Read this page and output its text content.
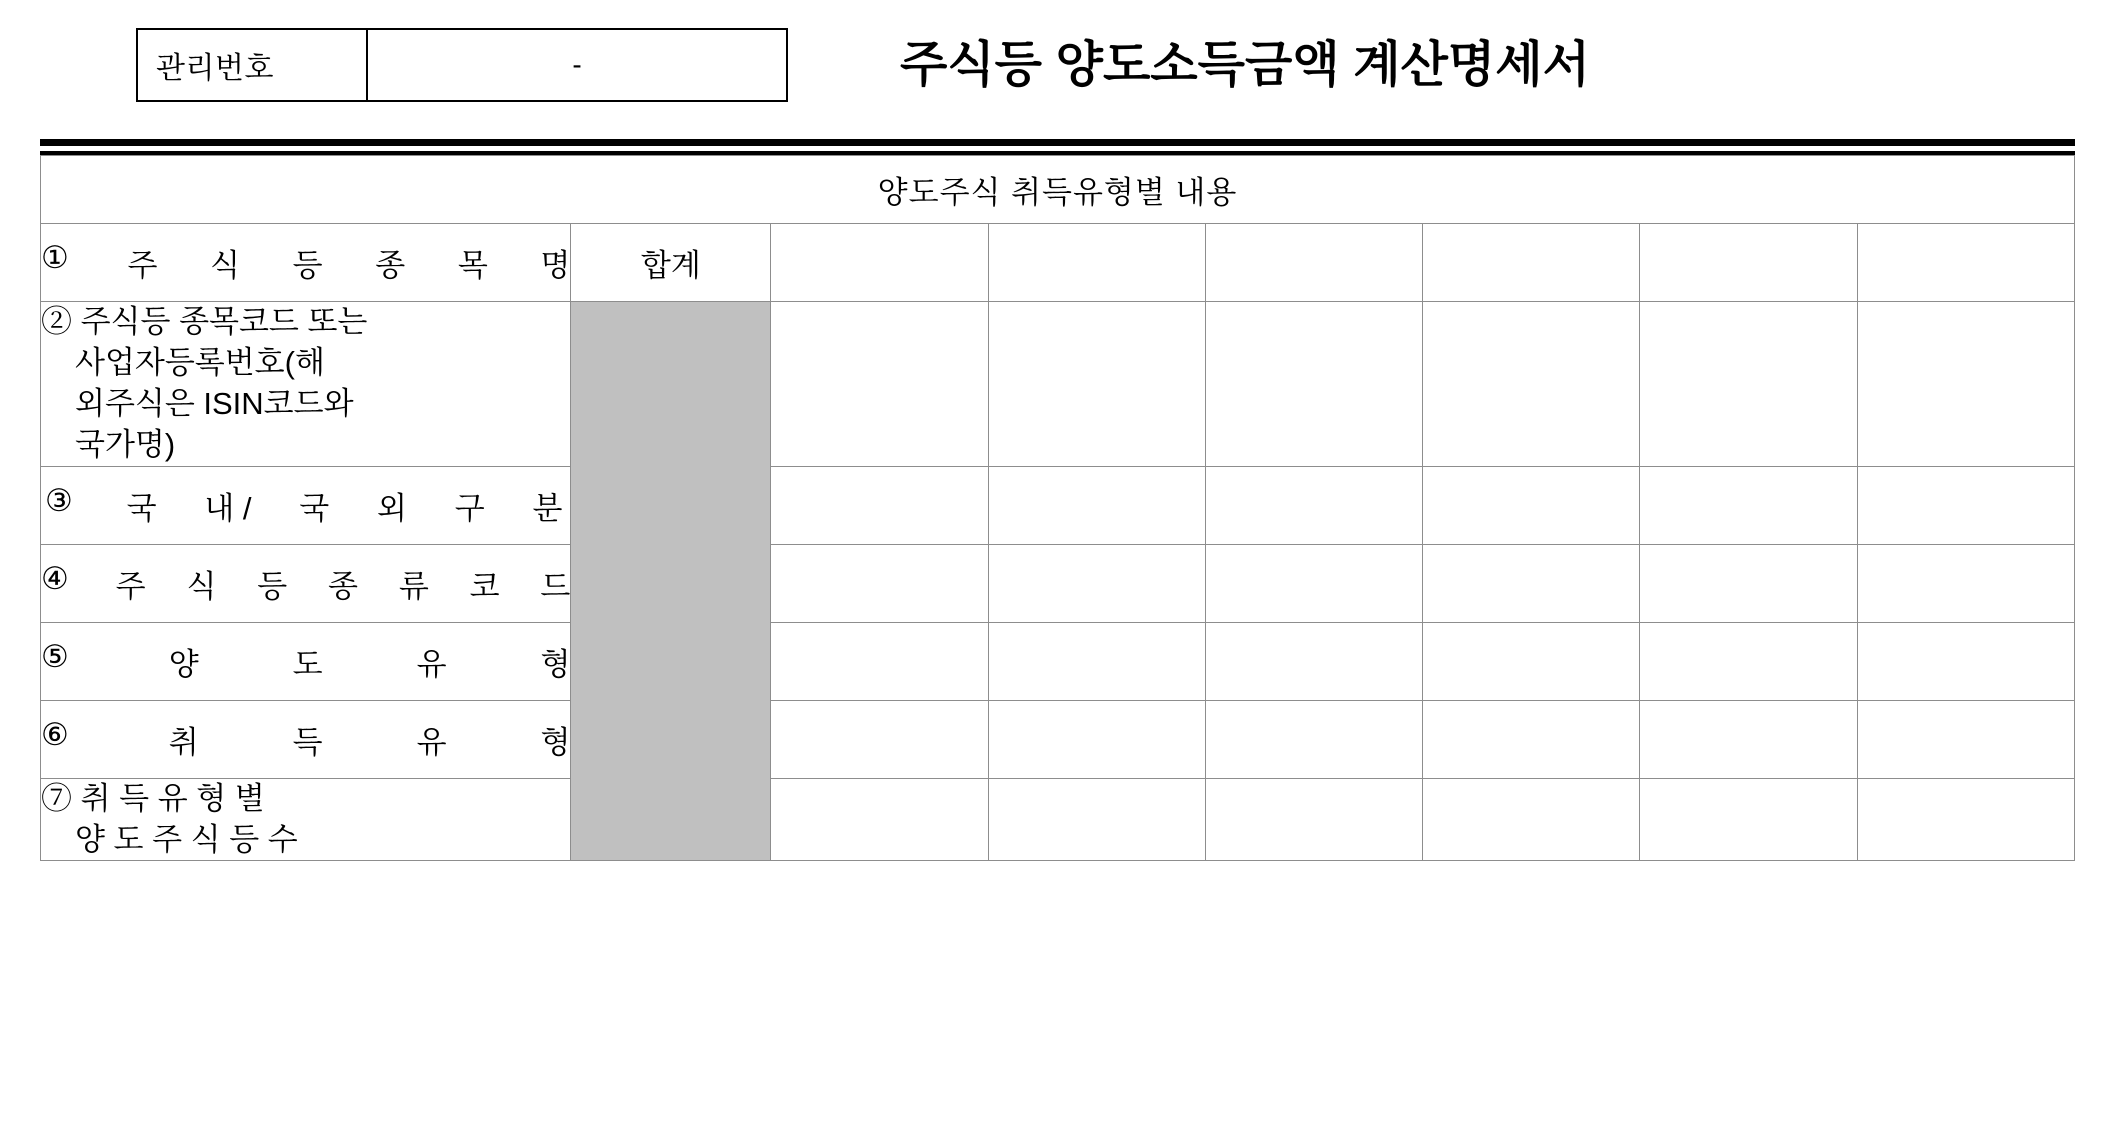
관리번호	-	주식등 양도소득금액 계산명세서
양도주식 취득유형별 내용							

① 주 식 등 종 목 명	합계						
② 주식등 종목코드 또는
사업자등록번호(해
외주식은 ISIN코드와
국가명)							

③ 국 내 / 국 외 구 분

④ 주 식 등 종 류 코 드

⑤ 양 도 유 형							

⑥ 취 득 유 형							

⑦ 취 득 유 형 별
양 도 주 식 등 수							
